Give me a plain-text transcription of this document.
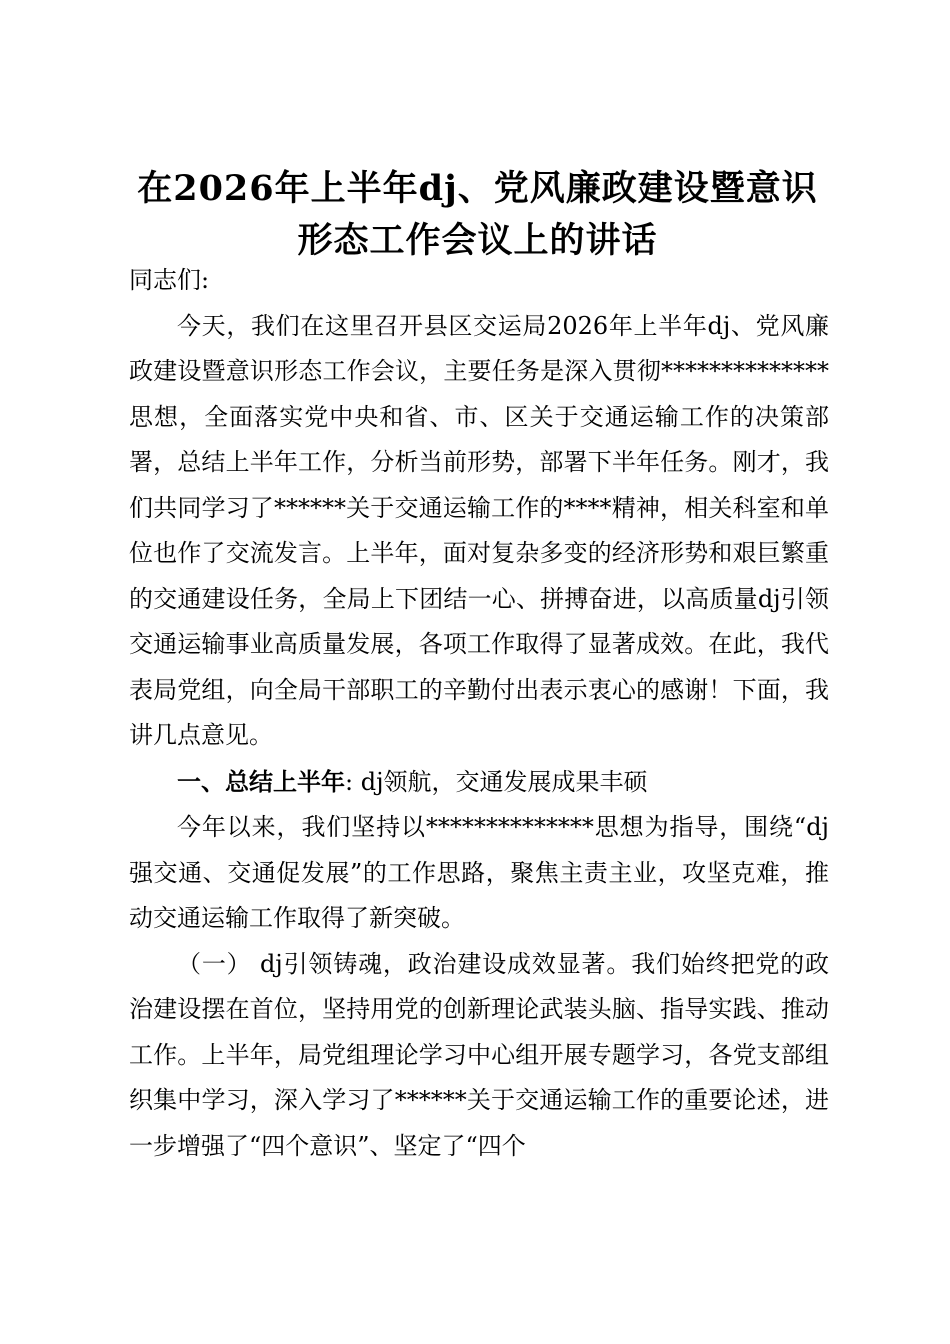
在2026年上半年dj、党风廉政建设暨意识形态工作会议上的讲话

同志们:

今天，我们在这里召开县区交运局2026年上半年dj、党风廉政建设暨意识形态工作会议，主要任务是深入贯彻**************思想，全面落实党中央和省、市、区关于交通运输工作的决策部署，总结上半年工作，分析当前形势，部署下半年任务。刚才，我们共同学习了******关于交通运输工作的****精神，相关科室和单位也作了交流发言。上半年，面对复杂多变的经济形势和艰巨繁重的交通建设任务，全局上下团结一心、拼搏奋进，以高质量dj引领交通运输事业高质量发展，各项工作取得了显著成效。在此，我代表局党组，向全局干部职工的辛勤付出表示衷心的感谢！下面，我讲几点意见。

一、总结上半年: dj领航，交通发展成果丰硕

今年以来，我们坚持以**************思想为指导，围绕“dj强交通、交通促发展”的工作思路，聚焦主责主业，攻坚克难，推动交通运输工作取得了新突破。

（一） dj引领铸魂，政治建设成效显著。我们始终把党的政治建设摆在首位，坚持用党的创新理论武装头脑、指导实践、推动工作。上半年，局党组理论学习中心组开展专题学习，各党支部组织集中学习，深入学习了******关于交通运输工作的重要论述，进一步增强了“四个意识”、坚定了“四个
